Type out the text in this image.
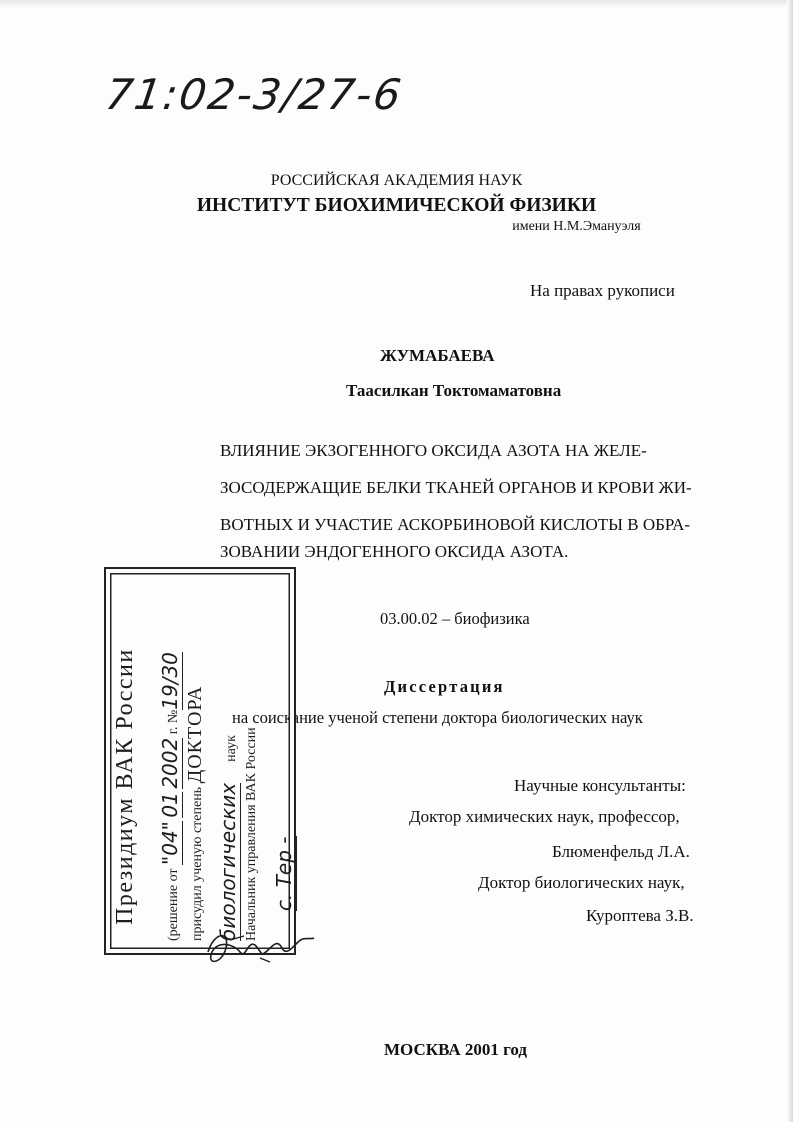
71:02-3/27-6
РОССИЙСКАЯ АКАДЕМИЯ НАУК
ИНСТИТУТ БИОХИМИЧЕСКОЙ ФИЗИКИ
имени Н.М.Эмануэля
На правах рукописи
ЖУМАБАЕВА
Таасилкан Токтомаматовна
ВЛИЯНИЕ ЭКЗОГЕННОГО ОКСИДА АЗОТА НА ЖЕЛЕ-
ЗОСОДЕРЖАЩИЕ БЕЛКИ ТКАНЕЙ ОРГАНОВ И КРОВИ ЖИ-
ВОТНЫХ И УЧАСТИЕ АСКОРБИНОВОЙ КИСЛОТЫ В ОБРА-
ЗОВАНИИ ЭНДОГЕННОГО ОКСИДА АЗОТА.
03.00.02 – биофизика
Диссертация
на соискание ученой степени доктора биологических наук
Научные консультанты:
Доктор химических наук, профессор,
Блюменфельд Л.А.
Доктор биологических наук,
Куроптева З.В.
МОСКВА 2001 год
Президиум ВАК России	(решение от "04" 01 2002 г. №19/30
присудил ученую степень ДОКТОРА
биологических      наук Начальник управления ВАК России с. Тер -
